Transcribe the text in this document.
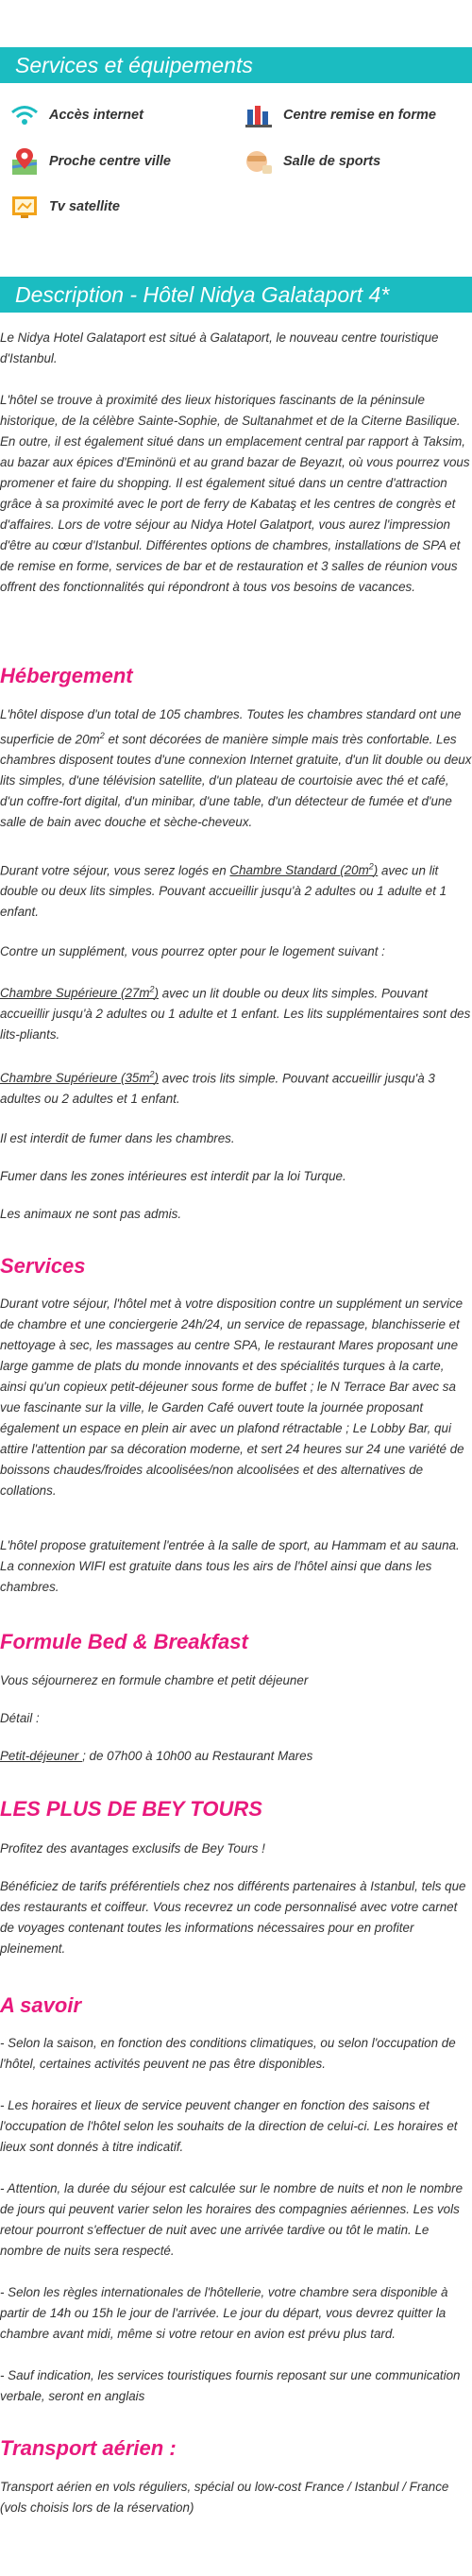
Services et équipements
Accès internet	Centre remise en forme
Proche centre ville	Salle de sports
Tv satellite
Description - Hôtel Nidya Galataport 4*

Le Nidya Hotel Galataport est situé à Galataport, le nouveau centre touristique d'Istanbul.

L'hôtel se trouve à proximité des lieux historiques fascinants de la péninsule historique, de la célèbre Sainte-Sophie, de Sultanahmet et de la Citerne Basilique. En outre, il est également situé dans un emplacement central par rapport à Taksim, au bazar aux épices d'Eminönü et au grand bazar de Beyazıt, où vous pourrez vous promener et faire du shopping. Il est également situé dans un centre d'attraction grâce à sa proximité avec le port de ferry de Kabataş et les centres de congrès et d'affaires. Lors de votre séjour au Nidya Hotel Galatport, vous aurez l'impression d'être au cœur d'Istanbul. Différentes options de chambres, installations de SPA et de remise en forme, services de bar et de restauration et 3 salles de réunion vous offrent des fonctionnalités qui répondront à tous vos besoins de vacances.

Hébergement

L'hôtel dispose d'un total de 105 chambres. Toutes les chambres standard ont une superficie de $20m^2$ et sont décorées de manière simple mais très confortable. Les chambres disposent toutes d'une connexion Internet gratuite, d'un lit double ou deux lits simples, d'une télévision satellite, d'un plateau de courtoisie avec thé et café, d'un coffre-fort digital, d'un minibar, d'une table, d'un détecteur de fumée et d'une salle de bain avec douche et sèche-cheveux.

Durant votre séjour, vous serez logés en Chambre Standard $(20m^2)$ avec un lit double ou deux lits simples. Pouvant accueillir jusqu'à 2 adultes ou 1 adulte et 1 enfant.

Contre un supplément, vous pourrez opter pour le logement suivant :

Chambre Supérieure $(27m^2)$ avec un lit double ou deux lits simples. Pouvant accueillir jusqu'à 2 adultes ou 1 adulte et 1 enfant. Les lits supplémentaires sont des lits-pliants.

Chambre Supérieure $(35m^2)$ avec trois lits simple. Pouvant accueillir jusqu'à 3 adultes ou 2 adultes et 1 enfant.

Il est interdit de fumer dans les chambres.

Fumer dans les zones intérieures est interdit par la loi Turque.

Les animaux ne sont pas admis.

Services

Durant votre séjour, l'hôtel met à votre disposition contre un supplément un service de chambre et une conciergerie 24h/24, un service de repassage, blanchisserie et nettoyage à sec, les massages au centre SPA, le restaurant Mares proposant une large gamme de plats du monde innovants et des spécialités turques à la carte, ainsi qu'un copieux petit-déjeuner sous forme de buffet ; le N Terrace Bar avec sa vue fascinante sur la ville, le Garden Café ouvert toute la journée proposant également un espace en plein air avec un plafond rétractable ; Le Lobby Bar, qui attire l'attention par sa décoration moderne, et sert 24 heures sur 24 une variété de boissons chaudes/froides alcoolisées/non alcoolisées et des alternatives de collations.

L'hôtel propose gratuitement l'entrée à la salle de sport, au Hammam et au sauna. La connexion WIFI est gratuite dans tous les airs de l'hôtel ainsi que dans les chambres.

Formule Bed & Breakfast

Vous séjournerez en formule chambre et petit déjeuner

Détail :

Petit-déjeuner ; de 07h00 à 10h00 au Restaurant Mares

LES PLUS DE BEY TOURS

Profitez des avantages exclusifs de Bey Tours !

Bénéficiez de tarifs préférentiels chez nos différents partenaires à Istanbul, tels que des restaurants et coiffeur. Vous recevrez un code personnalisé avec votre carnet de voyages contenant toutes les informations nécessaires pour en profiter pleinement.

A savoir

- Selon la saison, en fonction des conditions climatiques, ou selon l'occupation de l'hôtel, certaines activités peuvent ne pas être disponibles.

- Les horaires et lieux de service peuvent changer en fonction des saisons et l'occupation de l'hôtel selon les souhaits de la direction de celui-ci. Les horaires et lieux sont donnés à titre indicatif.

- Attention, la durée du séjour est calculée sur le nombre de nuits et non le nombre de jours qui peuvent varier selon les horaires des compagnies aériennes. Les vols retour pourront s'effectuer de nuit avec une arrivée tardive ou tôt le matin. Le nombre de nuits sera respecté.

- Selon les règles internationales de l'hôtellerie, votre chambre sera disponible à partir de 14h ou 15h le jour de l'arrivée. Le jour du départ, vous devrez quitter la chambre avant midi, même si votre retour en avion est prévu plus tard.

- Sauf indication, les services touristiques fournis reposant sur une communication verbale, seront en anglais

Transport aérien :

Transport aérien en vols réguliers, spécial ou low-cost France / Istanbul / France (vols choisis lors de la réservation)
